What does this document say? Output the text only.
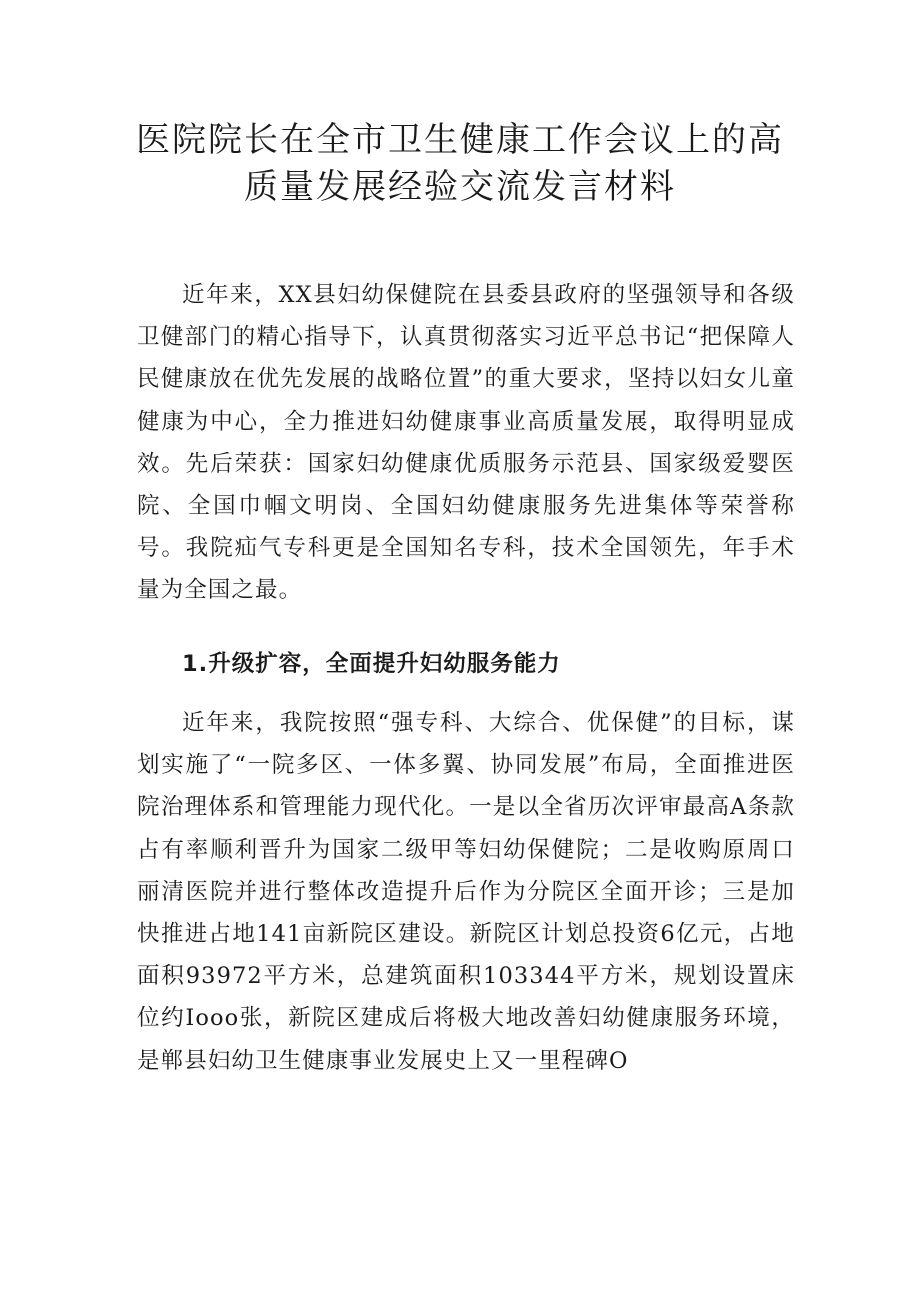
医院院长在全市卫生健康工作会议上的高
质量发展经验交流发言材料

近年来，XX县妇幼保健院在县委县政府的坚强领导和各级卫健部门的精心指导下，认真贯彻落实习近平总书记“把保障人民健康放在优先发展的战略位置”的重大要求，坚持以妇女儿童健康为中心，全力推进妇幼健康事业高质量发展，取得明显成效。先后荣获：国家妇幼健康优质服务示范县、国家级爱婴医院、全国巾帼文明岗、全国妇幼健康服务先进集体等荣誉称号。我院疝气专科更是全国知名专科，技术全国领先，年手术量为全国之最。

1.升级扩容，全面提升妇幼服务能力

近年来，我院按照“强专科、大综合、优保健”的目标，谋划实施了“一院多区、一体多翼、协同发展”布局，全面推进医院治理体系和管理能力现代化。一是以全省历次评审最高A条款占有率顺利晋升为国家二级甲等妇幼保健院；二是收购原周口丽清医院并进行整体改造提升后作为分院区全面开诊；三是加快推进占地141亩新院区建设。新院区计划总投资6亿元，占地面积93972平方米，总建筑面积103344平方米，规划设置床位约Iooo张，新院区建成后将极大地改善妇幼健康服务环境，是郸县妇幼卫生健康事业发展史上又一里程碑O
